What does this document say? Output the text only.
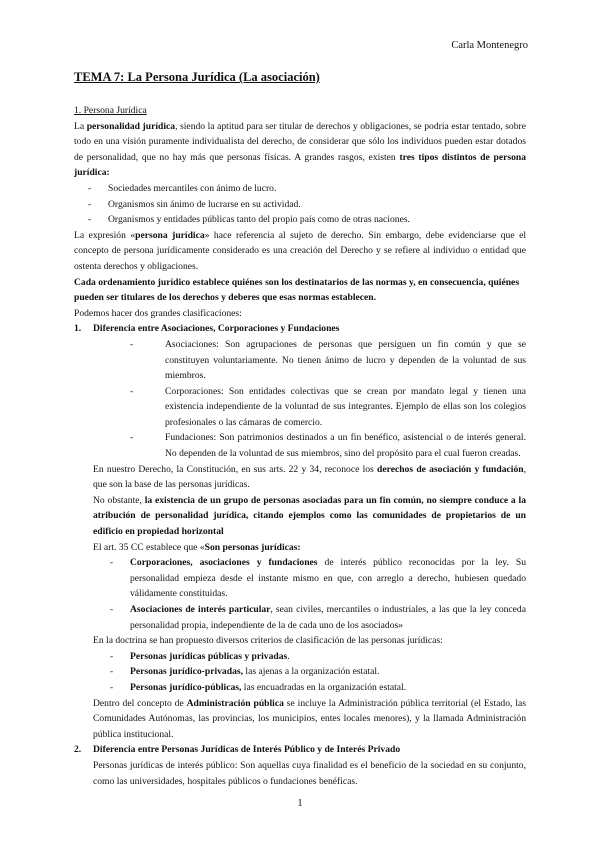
Carla Montenegro
TEMA 7: La Persona Jurídica (La asociación)

1. Persona Jurídica

La personalidad jurídica, siendo la aptitud para ser titular de derechos y obligaciones, se podría estar tentado, sobre todo en una visión puramente individualista del derecho, de considerar que sólo los individuos pueden estar dotados de personalidad, que no hay más que personas físicas. A grandes rasgos, existen tres tipos distintos de persona jurídica:

- Sociedades mercantiles con ánimo de lucro.

- Organismos sin ánimo de lucrarse en su actividad.

- Organismos y entidades públicas tanto del propio país como de otras naciones.

La expresión «persona jurídica» hace referencia al sujeto de derecho. Sin embargo, debe evidenciarse que el concepto de persona jurídicamente considerado es una creación del Derecho y se refiere al individuo o entidad que ostenta derechos y obligaciones.

Cada ordenamiento jurídico establece quiénes son los destinatarios de las normas y, en consecuencia, quiénes pueden ser titulares de los derechos y deberes que esas normas establecen.

Podemos hacer dos grandes clasificaciones:

1. Diferencia entre Asociaciones, Corporaciones y Fundaciones

- Asociaciones: Son agrupaciones de personas que persiguen un fin común y que se constituyen voluntariamente. No tienen ánimo de lucro y dependen de la voluntad de sus miembros.

- Corporaciones: Son entidades colectivas que se crean por mandato legal y tienen una existencia independiente de la voluntad de sus integrantes. Ejemplo de ellas son los colegios profesionales o las cámaras de comercio.

- Fundaciones: Son patrimonios destinados a un fin benéfico, asistencial o de interés general. No dependen de la voluntad de sus miembros, sino del propósito para el cual fueron creadas.

En nuestro Derecho, la Constitución, en sus arts. 22 y 34, reconoce los derechos de asociación y fundación, que son la base de las personas jurídicas.

No obstante, la existencia de un grupo de personas asociadas para un fin común, no siempre conduce a la atribución de personalidad jurídica, citando ejemplos como las comunidades de propietarios de un edificio en propiedad horizontal

El art. 35 CC establece que «Son personas jurídicas:

- Corporaciones, asociaciones y fundaciones de interés público reconocidas por la ley. Su personalidad empieza desde el instante mismo en que, con arreglo a derecho, hubiesen quedado válidamente constituidas.

- Asociaciones de interés particular, sean civiles, mercantiles o industriales, a las que la ley conceda personalidad propia, independiente de la de cada uno de los asociados»

En la doctrina se han propuesto diversos criterios de clasificación de las personas jurídicas:

- Personas jurídicas públicas y privadas.

- Personas jurídico-privadas, las ajenas a la organización estatal.

- Personas jurídico-públicas, las encuadradas en la organización estatal.

Dentro del concepto de Administración pública se incluye la Administración pública territorial (el Estado, las Comunidades Autónomas, las provincias, los municipios, entes locales menores), y la llamada Administración pública institucional.

2. Diferencia entre Personas Jurídicas de Interés Público y de Interés Privado

Personas jurídicas de interés público: Son aquellas cuya finalidad es el beneficio de la sociedad en su conjunto, como las universidades, hospitales públicos o fundaciones benéficas.

1
